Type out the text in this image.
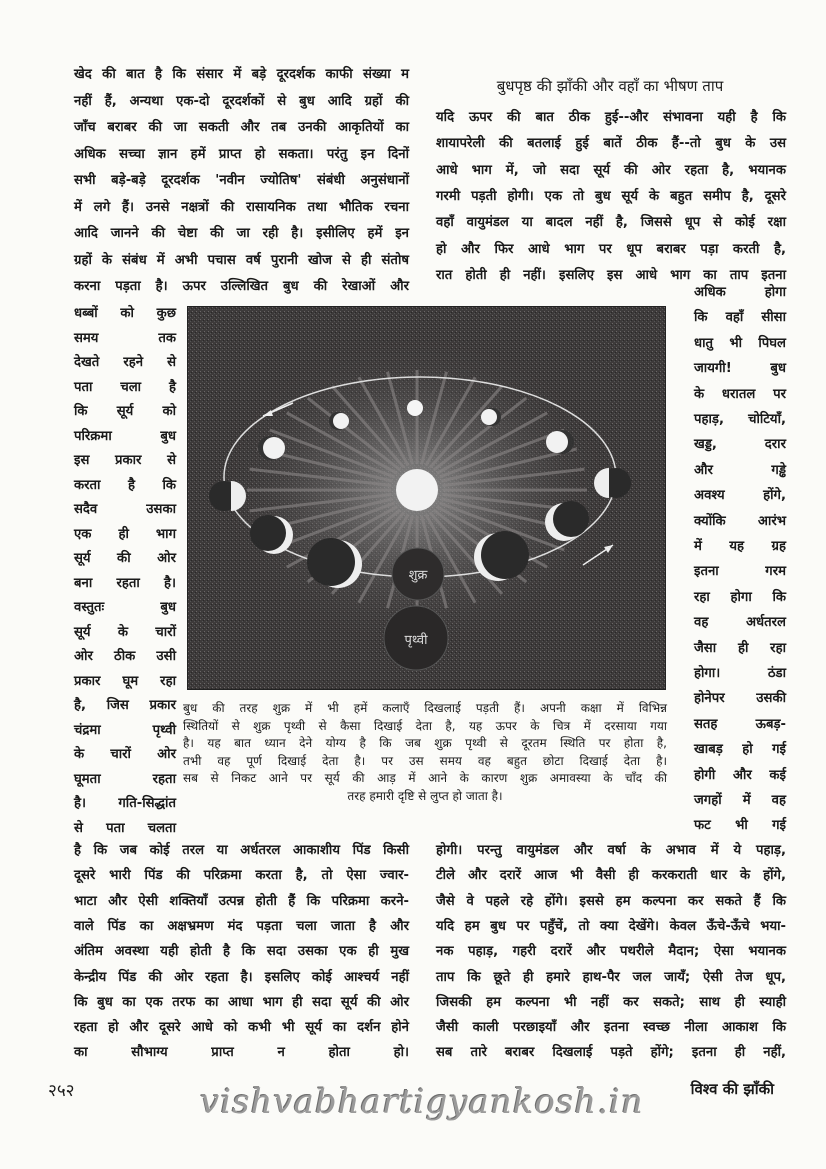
बुधपृष्ठ की झाँकी और वहाँ का भीषण ताप
खेद की बात है कि संसार में बड़े दूरदर्शक काफी संख्या म
नहीं हैं, अन्यथा एक-दो दूरदर्शकों से बुध आदि ग्रहों की
जाँच बराबर की जा सकती और तब उनकी आकृतियों का
अधिक सच्चा ज्ञान हमें प्राप्त हो सकता। परंतु इन दिनों
सभी बड़े-बड़े दूरदर्शक 'नवीन ज्योतिष' संबंधी अनुसंधानों
में लगे हैं। उनसे नक्षत्रों की रासायनिक तथा भौतिक रचना
आदि जानने की चेष्टा की जा रही है। इसीलिए हमें इन
ग्रहों के संबंध में अभी पचास वर्ष पुरानी खोज से ही संतोष
करना पड़ता है। ऊपर उल्लिखित बुध की रेखाओं और
धब्बों को कुछ
समय तक
देखते रहने से
पता चला है
कि सूर्य को
परिक्रमा बुध
इस प्रकार से
करता है कि
सदैव उसका
एक ही भाग
सूर्य की ओर
बना रहता है।
वस्तुतः बुध
सूर्य के चारों
ओर ठीक उसी
प्रकार घूम रहा
है, जिस प्रकार
चंद्रमा पृथ्वी
के चारों ओर
घूमता रहता
है। गति-सिद्धांत
से पता चलता
है कि जब कोई तरल या अर्धतरल आकाशीय पिंड किसी
दूसरे भारी पिंड की परिक्रमा करता है, तो ऐसा ज्वार-
भाटा और ऐसी शक्तियाँ उत्पन्न होती हैं कि परिक्रमा करने-
वाले पिंड का अक्षभ्रमण मंद पड़ता चला जाता है और
अंतिम अवस्था यही होती है कि सदा उसका एक ही मुख
केन्द्रीय पिंड की ओर रहता है। इसलिए कोई आश्चर्य नहीं
कि बुध का एक तरफ का आधा भाग ही सदा सूर्य की ओर
रहता हो और दूसरे आधे को कभी भी सूर्य का दर्शन होने
का सौभाग्य प्राप्त न होता हो।
यदि ऊपर की बात ठीक हुई--और संभावना यही है कि
शायापरेली की बतलाई हुई बातें ठीक हैं--तो बुध के उस
आधे भाग में, जो सदा सूर्य की ओर रहता है, भयानक
गरमी पड़ती होगी। एक तो बुध सूर्य के बहुत समीप है, दूसरे
वहाँ वायुमंडल या बादल नहीं है, जिससे धूप से कोई रक्षा
हो और फिर आधे भाग पर धूप बराबर पड़ा करती है,
रात होती ही नहीं। इसलिए इस आधे भाग का ताप इतना
अधिक होगा
कि वहाँ सीसा
धातु भी पिघल
जायगी! बुध
के धरातल पर
पहाड़, चोटियाँ,
खड्ड, दरार
और गड्ढे
अवश्य होंगे,
क्योंकि आरंभ
में यह ग्रह
इतना गरम
रहा होगा कि
वह अर्धतरल
जैसा ही रहा
होगा। ठंडा
होनेपर उसकी
सतह ऊबड़-
खाबड़ हो गई
होगी और कई
जगहों में वह
फट भी गई
होगी। परन्तु वायुमंडल और वर्षा के अभाव में ये पहाड़,
टीले और दरारें आज भी वैसी ही करकराती धार के होंगे,
जैसे वे पहले रहे होंगे। इससे हम कल्पना कर सकते हैं कि
यदि हम बुध पर पहुँचें, तो क्या देखेंगे। केवल ऊँचे-ऊँचे भया-
नक पहाड़, गहरी दरारें और पथरीले मैदान; ऐसा भयानक
ताप कि छूते ही हमारे हाथ-पैर जल जायँ; ऐसी तेज धूप,
जिसकी हम कल्पना भी नहीं कर सकते; साथ ही स्याही
जैसी काली परछाइयाँ और इतना स्वच्छ नीला आकाश कि
सब तारे बराबर दिखलाई पड़ते होंगे; इतना ही नहीं,
शुक्र
पृथ्वी
बुध की तरह शुक्र में भी हमें कलाएँ दिखलाई पड़ती हैं। अपनी कक्षा में विभिन्न
स्थितियों से शुक्र पृथ्वी से कैसा दिखाई देता है, यह ऊपर के चित्र में दरसाया गया
है। यह बात ध्यान देने योग्य है कि जब शुक्र पृथ्वी से दूरतम स्थिति पर होता है,
तभी वह पूर्ण दिखाई देता है। पर उस समय वह बहुत छोटा दिखाई देता है।
सब से निकट आने पर सूर्य की आड़ में आने के कारण शुक्र अमावस्या के चाँद की
तरह हमारी दृष्टि से लुप्त हो जाता है।
२५२	vishvabhartigyankosh.in	विश्व की झाँकी
